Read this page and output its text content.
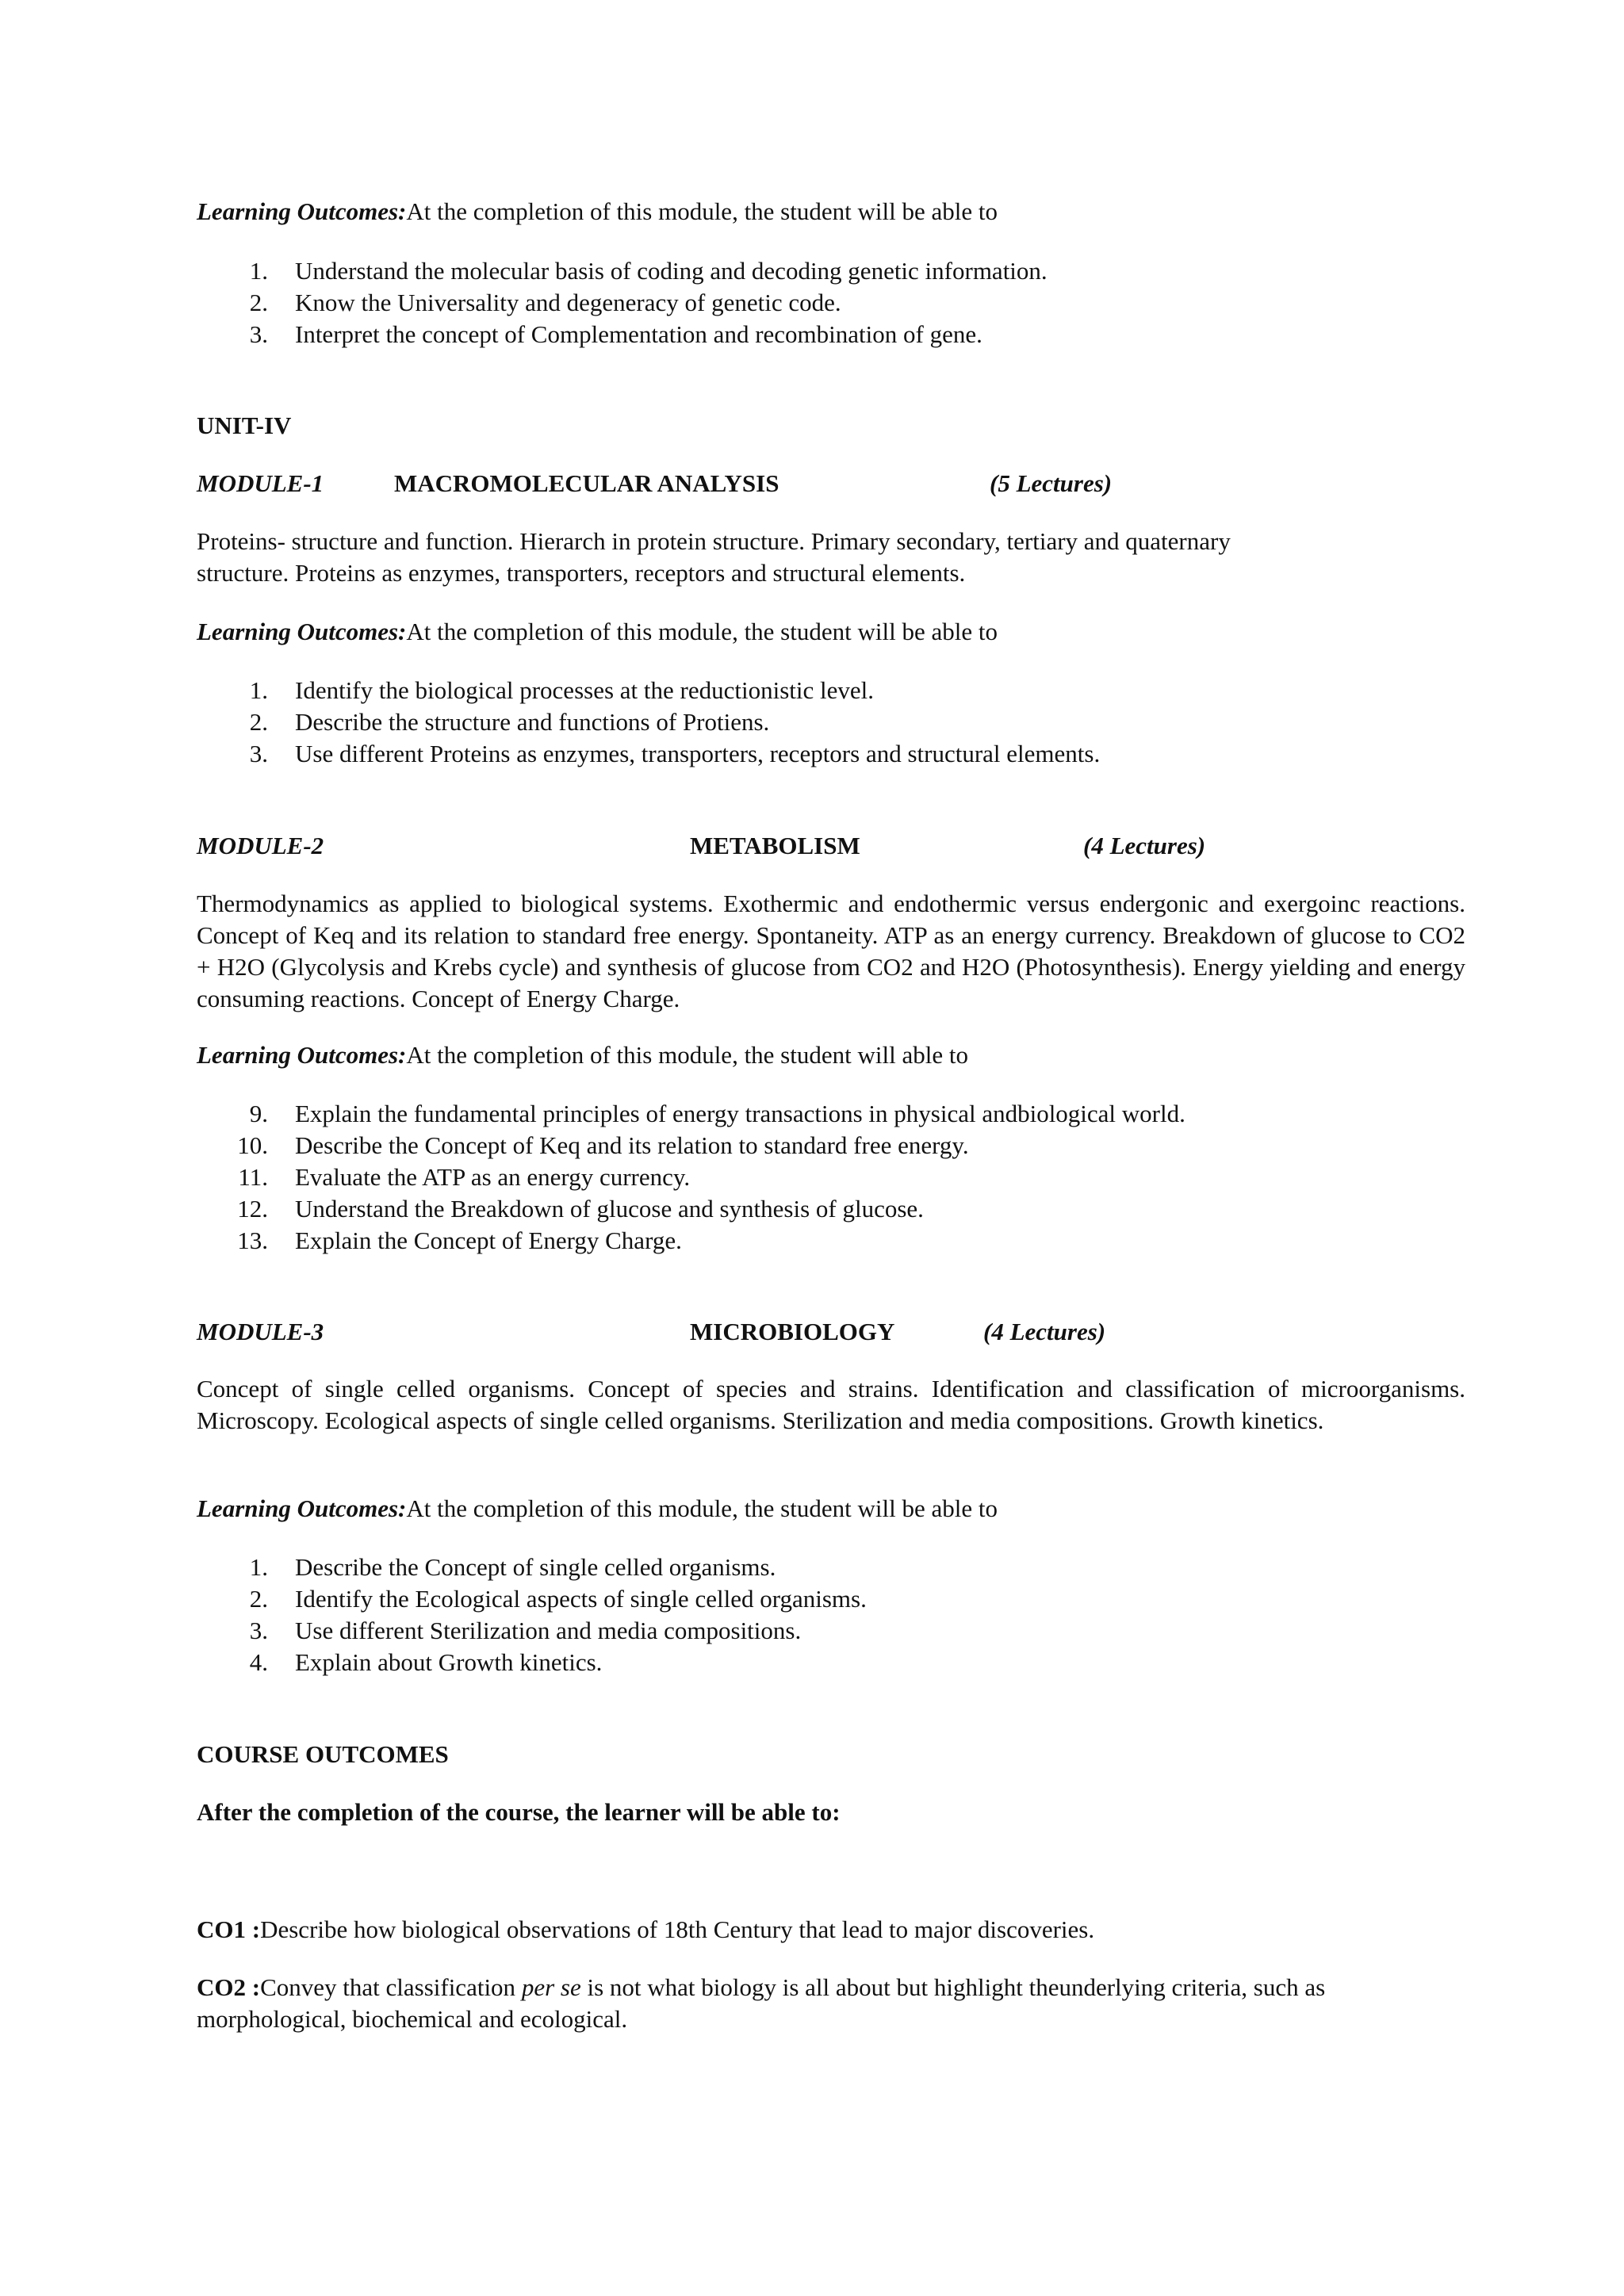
Learning Outcomes:At the completion of this module, the student will be able to
1. Understand the molecular basis of coding and decoding genetic information.
2. Know the Universality and degeneracy of genetic code.
3. Interpret the concept of Complementation and recombination of gene.
UNIT-IV
MODULE-1	MACROMOLECULAR ANALYSIS	(5 Lectures)
Proteins- structure and function. Hierarch in protein structure. Primary secondary, tertiary and quaternary
structure. Proteins as enzymes, transporters, receptors and structural elements.
Learning Outcomes:At the completion of this module, the student will be able to
1. Identify the biological processes at the reductionistic level.
2. Describe the structure and functions of Protiens.
3. Use different Proteins as enzymes, transporters, receptors and structural elements.
MODULE-2	METABOLISM	(4 Lectures)
Thermodynamics as applied to biological systems. Exothermic and endothermic versus endergonic and exergoinc reactions. Concept of Keq and its relation to standard free energy. Spontaneity. ATP as an energy currency. Breakdown of glucose to CO2 + H2O (Glycolysis and Krebs cycle) and synthesis of glucose from CO2 and H2O (Photosynthesis). Energy yielding and energy consuming reactions. Concept of Energy Charge.
Learning Outcomes:At the completion of this module, the student will able to
9. Explain the fundamental principles of energy transactions in physical andbiological world.
10. Describe the Concept of Keq and its relation to standard free energy.
11. Evaluate the ATP as an energy currency.
12. Understand the Breakdown of glucose and synthesis of glucose.
13. Explain the Concept of Energy Charge.
MODULE-3	MICROBIOLOGY	(4 Lectures)
Concept of single celled organisms. Concept of species and strains. Identification and classification of microorganisms. Microscopy. Ecological aspects of single celled organisms. Sterilization and media compositions. Growth kinetics.
Learning Outcomes:At the completion of this module, the student will be able to
1. Describe the Concept of single celled organisms.
2. Identify the Ecological aspects of single celled organisms.
3. Use different Sterilization and media compositions.
4. Explain about Growth kinetics.
COURSE OUTCOMES
After the completion of the course, the learner will be able to:
CO1 :Describe how biological observations of 18th Century that lead to major discoveries.
CO2 :Convey that classification per se is not what biology is all about but highlight theunderlying criteria, such as morphological, biochemical and ecological.
